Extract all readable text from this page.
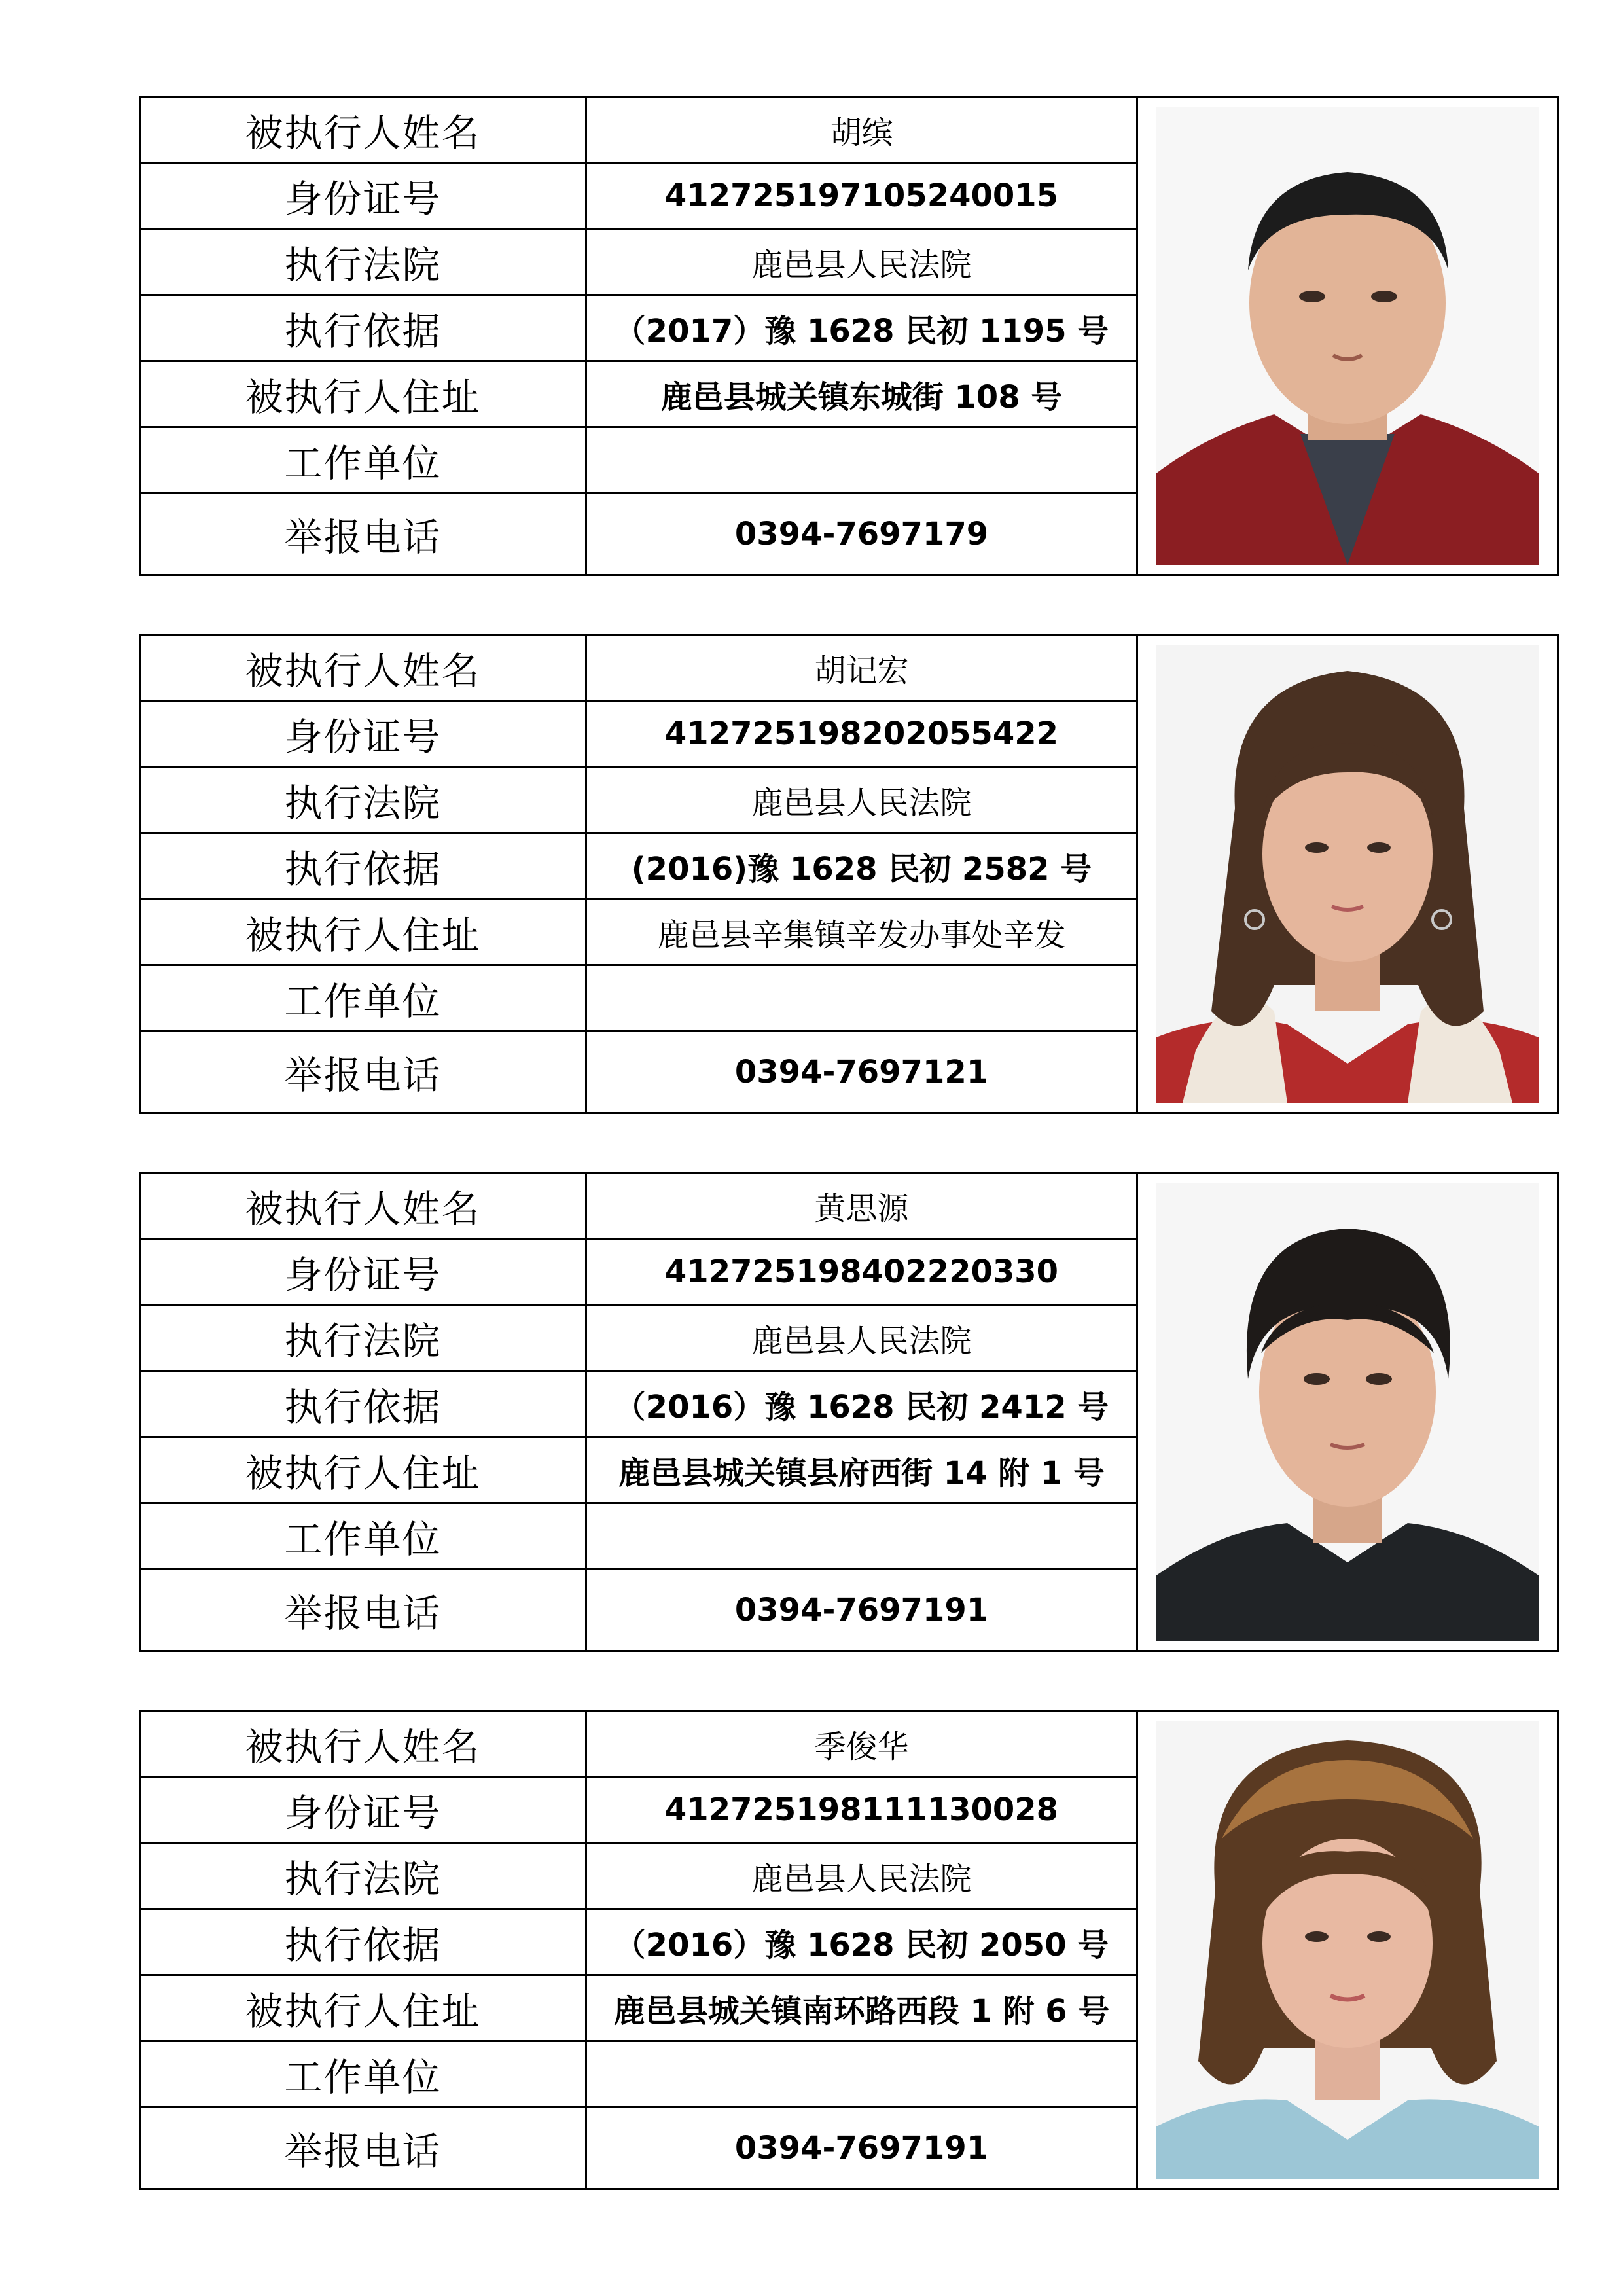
被执行人姓名	胡缤
身份证号	412725197105240015
执行法院	鹿邑县人民法院
执行依据	（2017）豫 1628 民初 1195 号
被执行人住址	鹿邑县城关镇东城街 108 号
工作单位
举报电话	0394-7697179
被执行人姓名	胡记宏
身份证号	412725198202055422
执行法院	鹿邑县人民法院
执行依据	(2016)豫 1628 民初 2582 号
被执行人住址	鹿邑县辛集镇辛发办事处辛发
工作单位
举报电话	0394-7697121
被执行人姓名	黄思源
身份证号	412725198402220330
执行法院	鹿邑县人民法院
执行依据	（2016）豫 1628 民初 2412 号
被执行人住址	鹿邑县城关镇县府西街 14 附 1 号
工作单位
举报电话	0394-7697191
被执行人姓名	季俊华
身份证号	412725198111130028
执行法院	鹿邑县人民法院
执行依据	（2016）豫 1628 民初 2050 号
被执行人住址	鹿邑县城关镇南环路西段 1 附 6 号
工作单位
举报电话	0394-7697191
